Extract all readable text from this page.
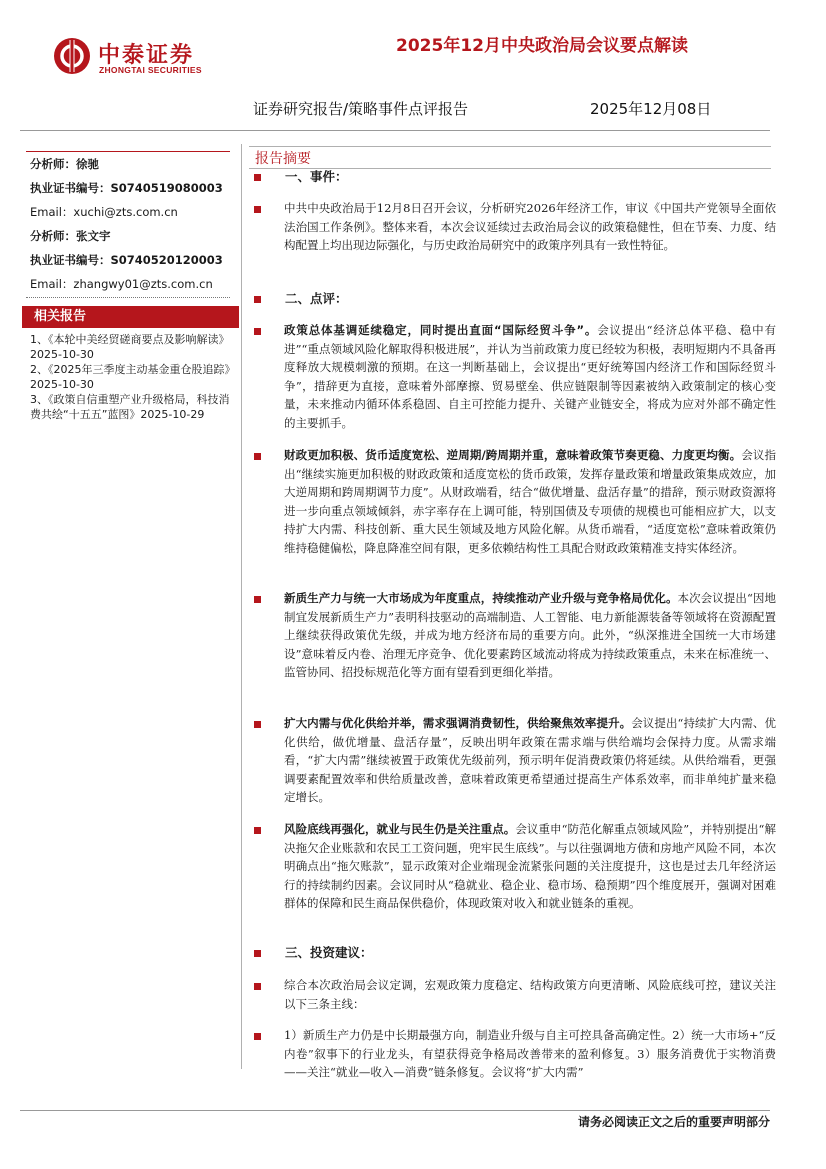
中泰证券
ZHONGTAI SECURITIES
2025年12月中央政治局会议要点解读
证券研究报告/策略事件点评报告	2025年12月08日
分析师：徐驰
执业证书编号：S0740519080003
Email：xuchi@zts.com.cn
分析师：张文宇
执业证书编号：S0740520120003
Email：zhangwy01@zts.com.cn
相关报告
1、《本轮中美经贸磋商要点及影响解读》2025-10-30
2、《2025年三季度主动基金重仓股追踪》2025-10-30
3、《政策自信重塑产业升级格局，科技消费共绘“十五五”蓝图》2025-10-29
报告摘要
一、事件：
中共中央政治局于12月8日召开会议，分析研究2026年经济工作，审议《中国共产党领导全面依法治国工作条例》。整体来看，本次会议延续过去政治局会议的政策稳健性，但在节奏、力度、结构配置上均出现边际强化，与历史政治局研究中的政策序列具有一致性特征。
二、点评：
政策总体基调延续稳定，同时提出直面“国际经贸斗争”。会议提出“经济总体平稳、稳中有进”“重点领域风险化解取得积极进展”，并认为当前政策力度已经较为积极，表明短期内不具备再度释放大规模刺激的预期。在这一判断基础上，会议提出“更好统筹国内经济工作和国际经贸斗争”，措辞更为直接，意味着外部摩擦、贸易壁垒、供应链限制等因素被纳入政策制定的核心变量，未来推动内循环体系稳固、自主可控能力提升、关键产业链安全，将成为应对外部不确定性的主要抓手。
财政更加积极、货币适度宽松、逆周期/跨周期并重，意味着政策节奏更稳、力度更均衡。会议指出“继续实施更加积极的财政政策和适度宽松的货币政策，发挥存量政策和增量政策集成效应，加大逆周期和跨周期调节力度”。从财政端看，结合“做优增量、盘活存量”的措辞，预示财政资源将进一步向重点领域倾斜，赤字率存在上调可能，特别国债及专项债的规模也可能相应扩大，以支持扩大内需、科技创新、重大民生领域及地方风险化解。从货币端看，“适度宽松”意味着政策仍维持稳健偏松，降息降准空间有限，更多依赖结构性工具配合财政政策精准支持实体经济。
新质生产力与统一大市场成为年度重点，持续推动产业升级与竞争格局优化。本次会议提出“因地制宜发展新质生产力”表明科技驱动的高端制造、人工智能、电力新能源装备等领域将在资源配置上继续获得政策优先级，并成为地方经济布局的重要方向。此外，“纵深推进全国统一大市场建设”意味着反内卷、治理无序竞争、优化要素跨区域流动将成为持续政策重点，未来在标准统一、监管协同、招投标规范化等方面有望看到更细化举措。
扩大内需与优化供给并举，需求强调消费韧性，供给聚焦效率提升。会议提出“持续扩大内需、优化供给，做优增量、盘活存量”，反映出明年政策在需求端与供给端均会保持力度。从需求端看，“扩大内需”继续被置于政策优先级前列，预示明年促消费政策仍将延续。从供给端看，更强调要素配置效率和供给质量改善，意味着政策更希望通过提高生产体系效率，而非单纯扩量来稳定增长。
风险底线再强化，就业与民生仍是关注重点。会议重申“防范化解重点领域风险”，并特别提出“解决拖欠企业账款和农民工工资问题，兜牢民生底线”。与以往强调地方债和房地产风险不同，本次明确点出“拖欠账款”，显示政策对企业端现金流紧张问题的关注度提升，这也是过去几年经济运行的持续制约因素。会议同时从“稳就业、稳企业、稳市场、稳预期”四个维度展开，强调对困难群体的保障和民生商品保供稳价，体现政策对收入和就业链条的重视。
三、投资建议：
综合本次政治局会议定调，宏观政策力度稳定、结构政策方向更清晰、风险底线可控，建议关注以下三条主线：
1）新质生产力仍是中长期最强方向，制造业升级与自主可控具备高确定性。2）统一大市场+“反内卷”叙事下的行业龙头，有望获得竞争格局改善带来的盈利修复。3）服务消费优于实物消费——关注“就业—收入—消费”链条修复。会议将“扩大内需”
请务必阅读正文之后的重要声明部分
